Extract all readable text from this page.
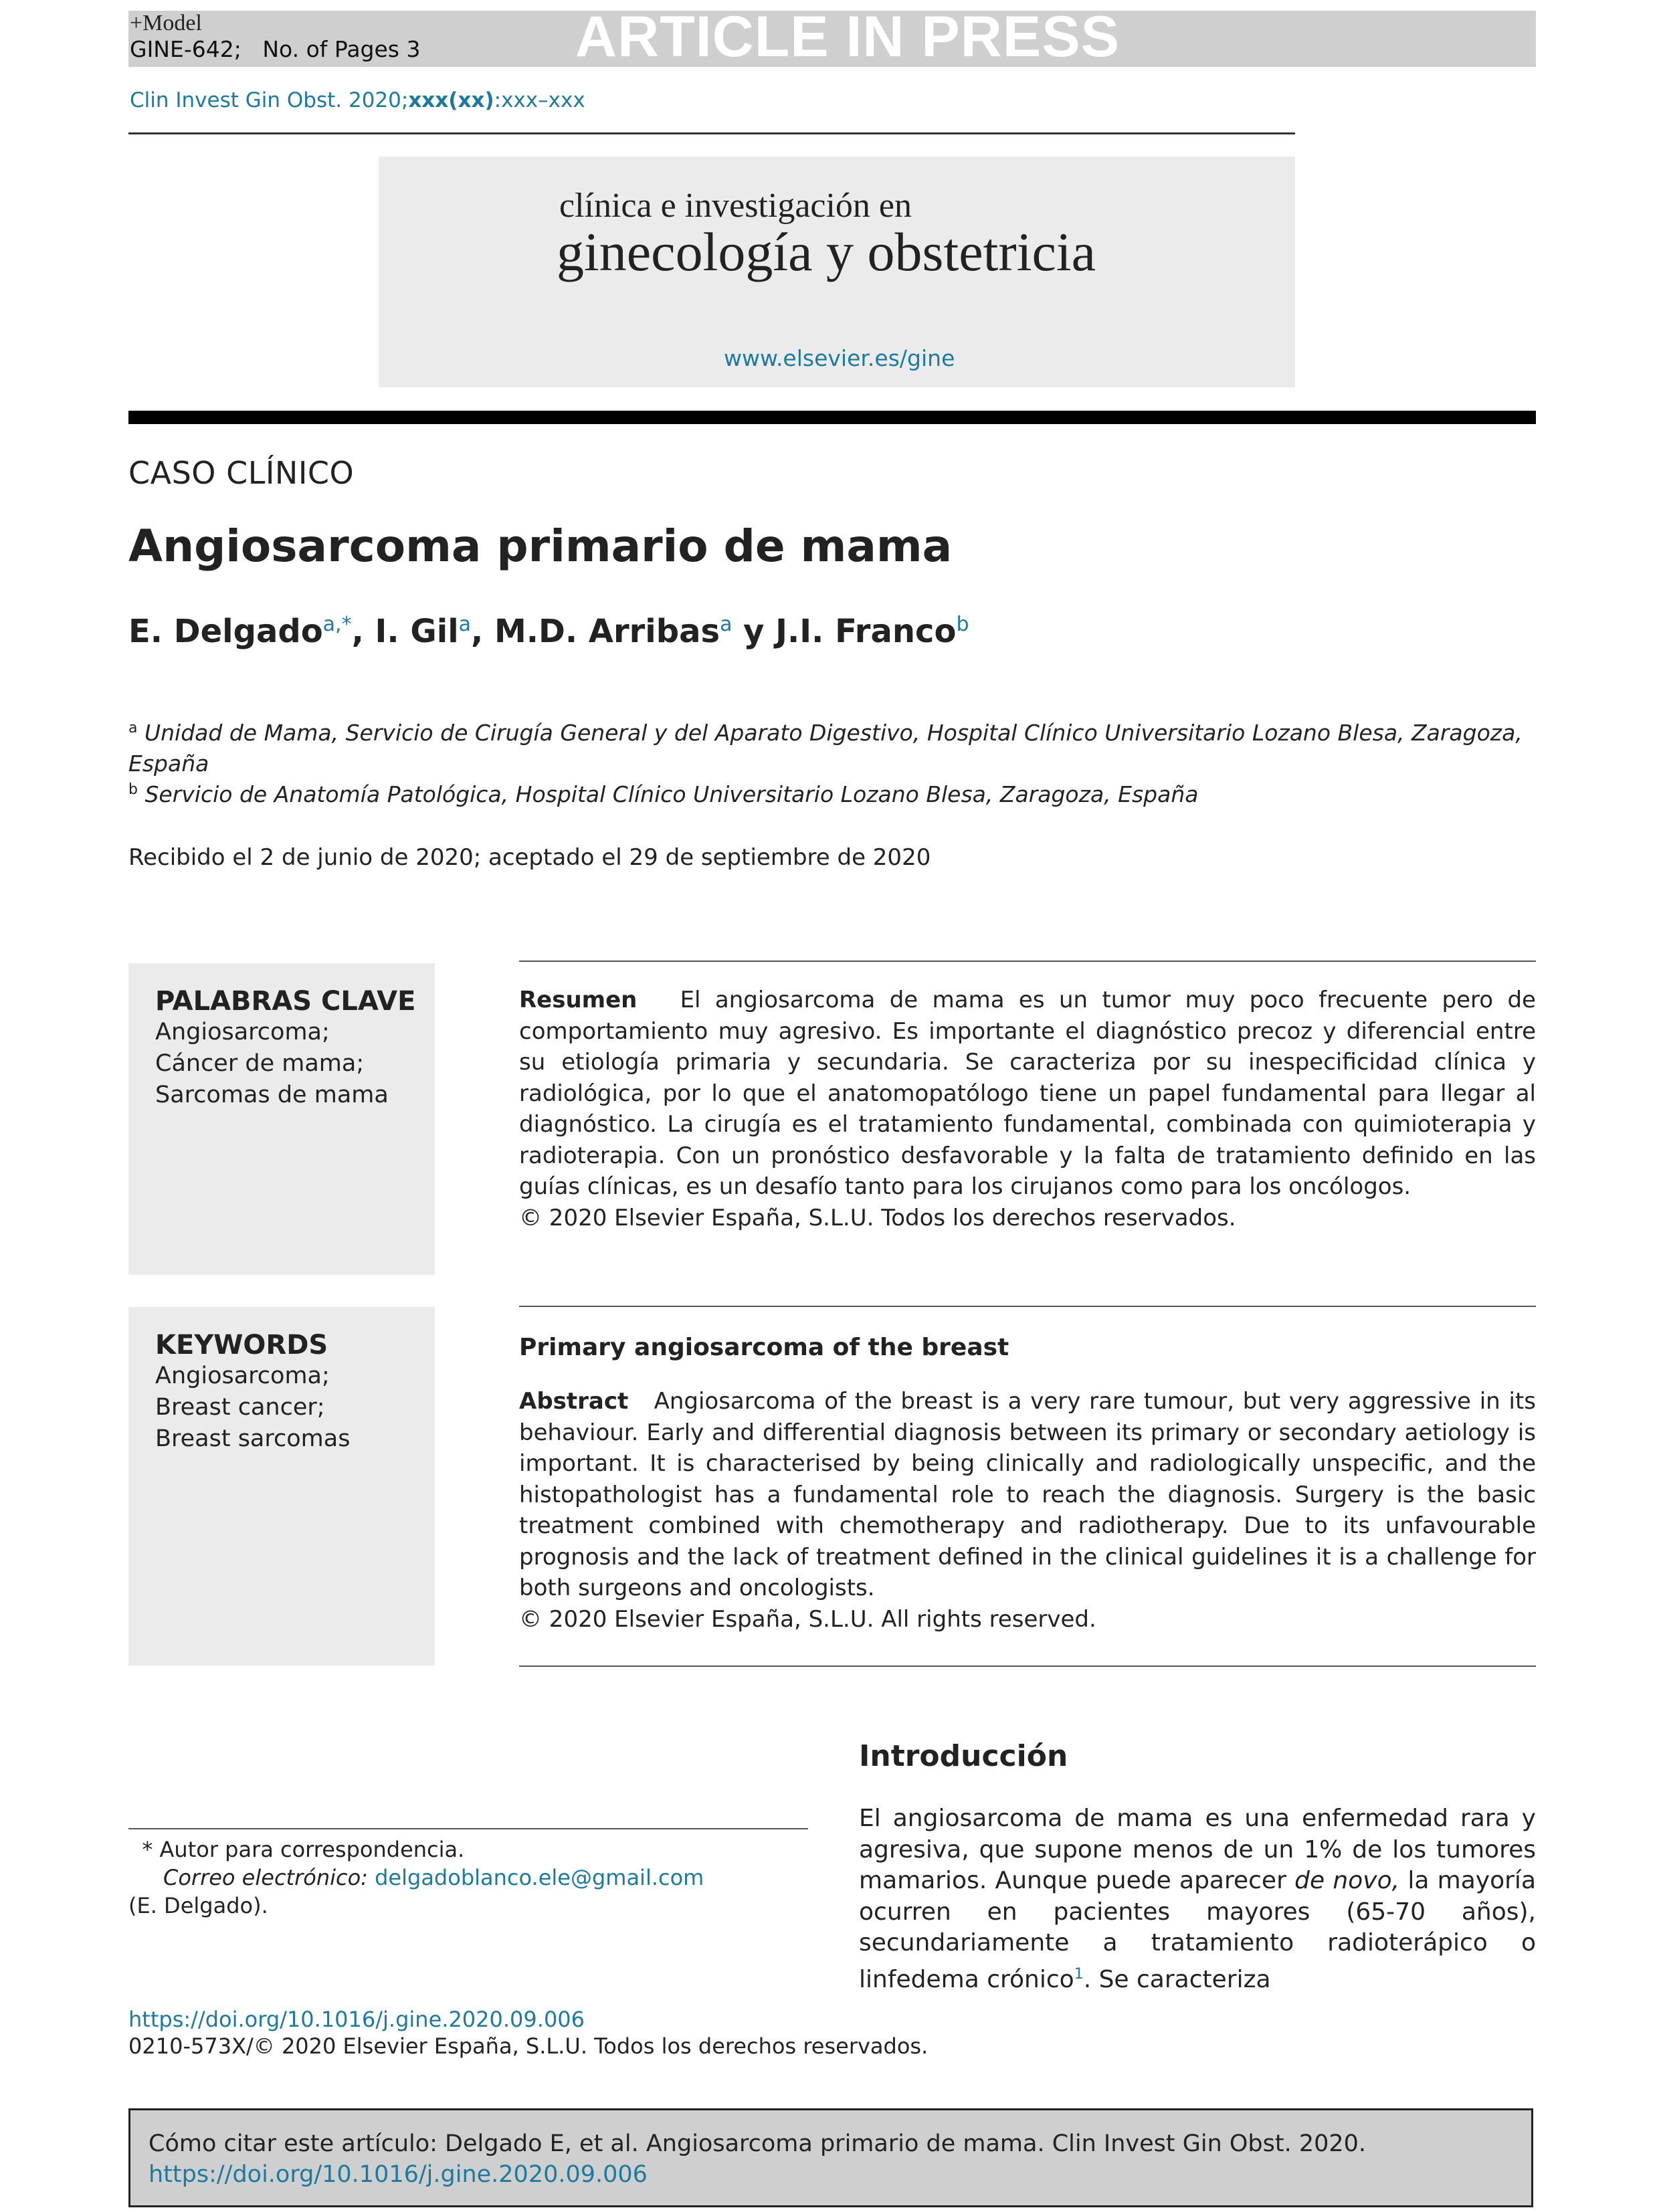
+Model
GINE-642; No. of Pages 3	ARTICLE IN PRESS
Clin Invest Gin Obst. 2020;xxx(xx):xxx–xxx
clínica e investigación en
ginecología y obstetricia
www.elsevier.es/gine
CASO CLÍNICO
Angiosarcoma primario de mama
E. Delgado$^{a,*}$, I. Gil$^a$, M.D. Arribas$^a$ y J.I. Franco$^b$
$^a$ Unidad de Mama, Servicio de Cirugía General y del Aparato Digestivo, Hospital Clínico Universitario Lozano Blesa, Zaragoza, España
$^b$ Servicio de Anatomía Patológica, Hospital Clínico Universitario Lozano Blesa, Zaragoza, España
Recibido el 2 de junio de 2020; aceptado el 29 de septiembre de 2020
PALABRAS CLAVE
Angiosarcoma;
Cáncer de mama;
Sarcomas de mama
Resumen El angiosarcoma de mama es un tumor muy poco frecuente pero de comportamiento muy agresivo. Es importante el diagnóstico precoz y diferencial entre su etiología primaria y secundaria. Se caracteriza por su inespecificidad clínica y radiológica, por lo que el anatomopatólogo tiene un papel fundamental para llegar al diagnóstico. La cirugía es el tratamiento fundamental, combinada con quimioterapia y radioterapia. Con un pronóstico desfavorable y la falta de tratamiento definido en las guías clínicas, es un desafío tanto para los cirujanos como para los oncólogos.
© 2020 Elsevier España, S.L.U. Todos los derechos reservados.
KEYWORDS
Angiosarcoma;
Breast cancer;
Breast sarcomas
Primary angiosarcoma of the breast
Abstract Angiosarcoma of the breast is a very rare tumour, but very aggressive in its behaviour. Early and differential diagnosis between its primary or secondary aetiology is important. It is characterised by being clinically and radiologically unspecific, and the histopathologist has a fundamental role to reach the diagnosis. Surgery is the basic treatment combined with chemotherapy and radiotherapy. Due to its unfavourable prognosis and the lack of treatment defined in the clinical guidelines it is a challenge for both surgeons and oncologists.
© 2020 Elsevier España, S.L.U. All rights reserved.
Introducción
El angiosarcoma de mama es una enfermedad rara y agresiva, que supone menos de un 1% de los tumores mamarios. Aunque puede aparecer de novo, la mayoría ocurren en pacientes mayores (65-70 años), secundariamente a tratamiento radioterápico o linfedema crónico$^1$. Se caracteriza
* Autor para correspondencia.
Correo electrónico: delgadoblanco.ele@gmail.com
(E. Delgado).
https://doi.org/10.1016/j.gine.2020.09.006
0210-573X/© 2020 Elsevier España, S.L.U. Todos los derechos reservados.
Cómo citar este artículo: Delgado E, et al. Angiosarcoma primario de mama. Clin Invest Gin Obst. 2020.
https://doi.org/10.1016/j.gine.2020.09.006
